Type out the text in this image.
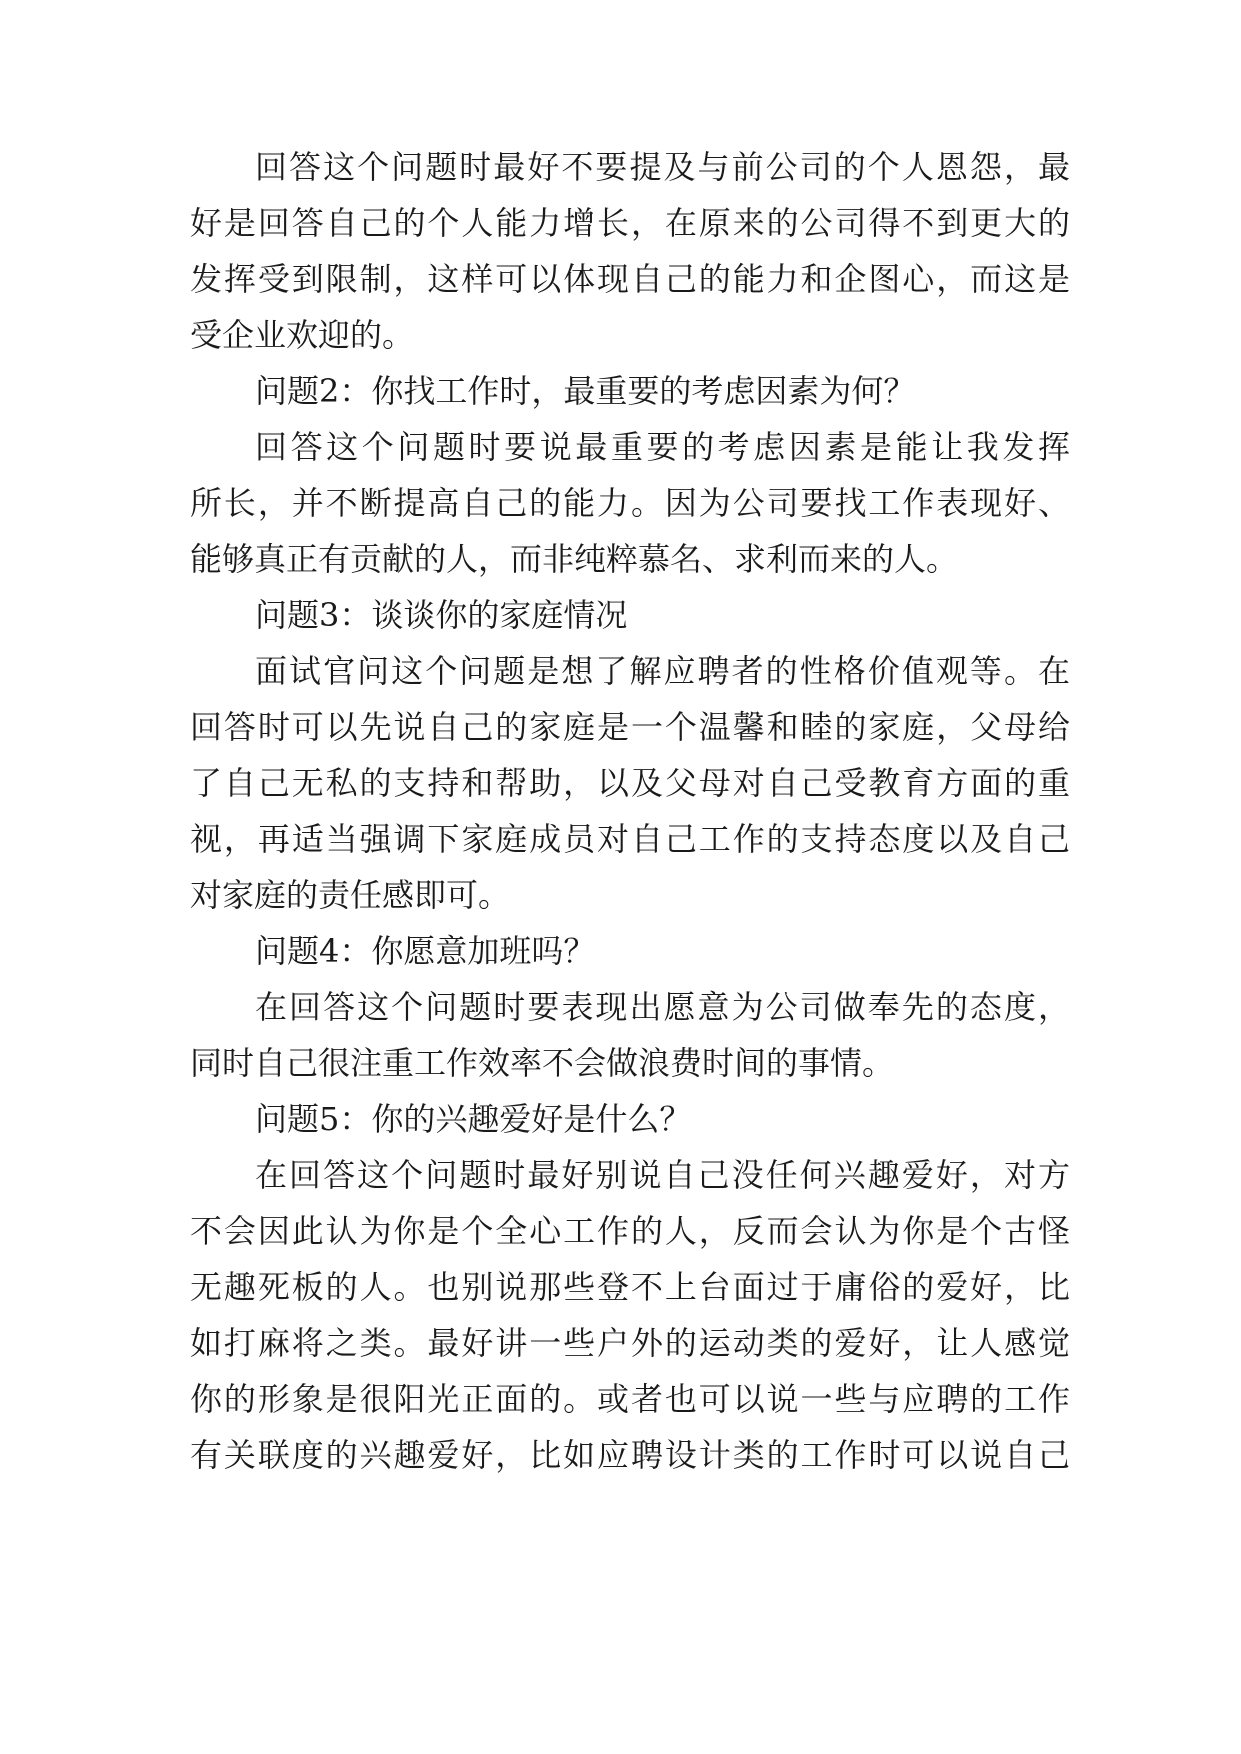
回答这个问题时最好不要提及与前公司的个人恩怨，最
好是回答自己的个人能力增长，在原来的公司得不到更大的
发挥受到限制，这样可以体现自己的能力和企图心，而这是
受企业欢迎的。
问题2：你找工作时，最重要的考虑因素为何？
回答这个问题时要说最重要的考虑因素是能让我发挥
所长，并不断提高自己的能力。因为公司要找工作表现好、
能够真正有贡献的人，而非纯粹慕名、求利而来的人。
问题3：谈谈你的家庭情况
面试官问这个问题是想了解应聘者的性格价值观等。在
回答时可以先说自己的家庭是一个温馨和睦的家庭，父母给
了自己无私的支持和帮助，以及父母对自己受教育方面的重
视，再适当强调下家庭成员对自己工作的支持态度以及自己
对家庭的责任感即可。
问题4：你愿意加班吗？
在回答这个问题时要表现出愿意为公司做奉先的态度，
同时自己很注重工作效率不会做浪费时间的事情。
问题5：你的兴趣爱好是什么？
在回答这个问题时最好别说自己没任何兴趣爱好，对方
不会因此认为你是个全心工作的人，反而会认为你是个古怪
无趣死板的人。也别说那些登不上台面过于庸俗的爱好，比
如打麻将之类。最好讲一些户外的运动类的爱好，让人感觉
你的形象是很阳光正面的。或者也可以说一些与应聘的工作
有关联度的兴趣爱好，比如应聘设计类的工作时可以说自己
